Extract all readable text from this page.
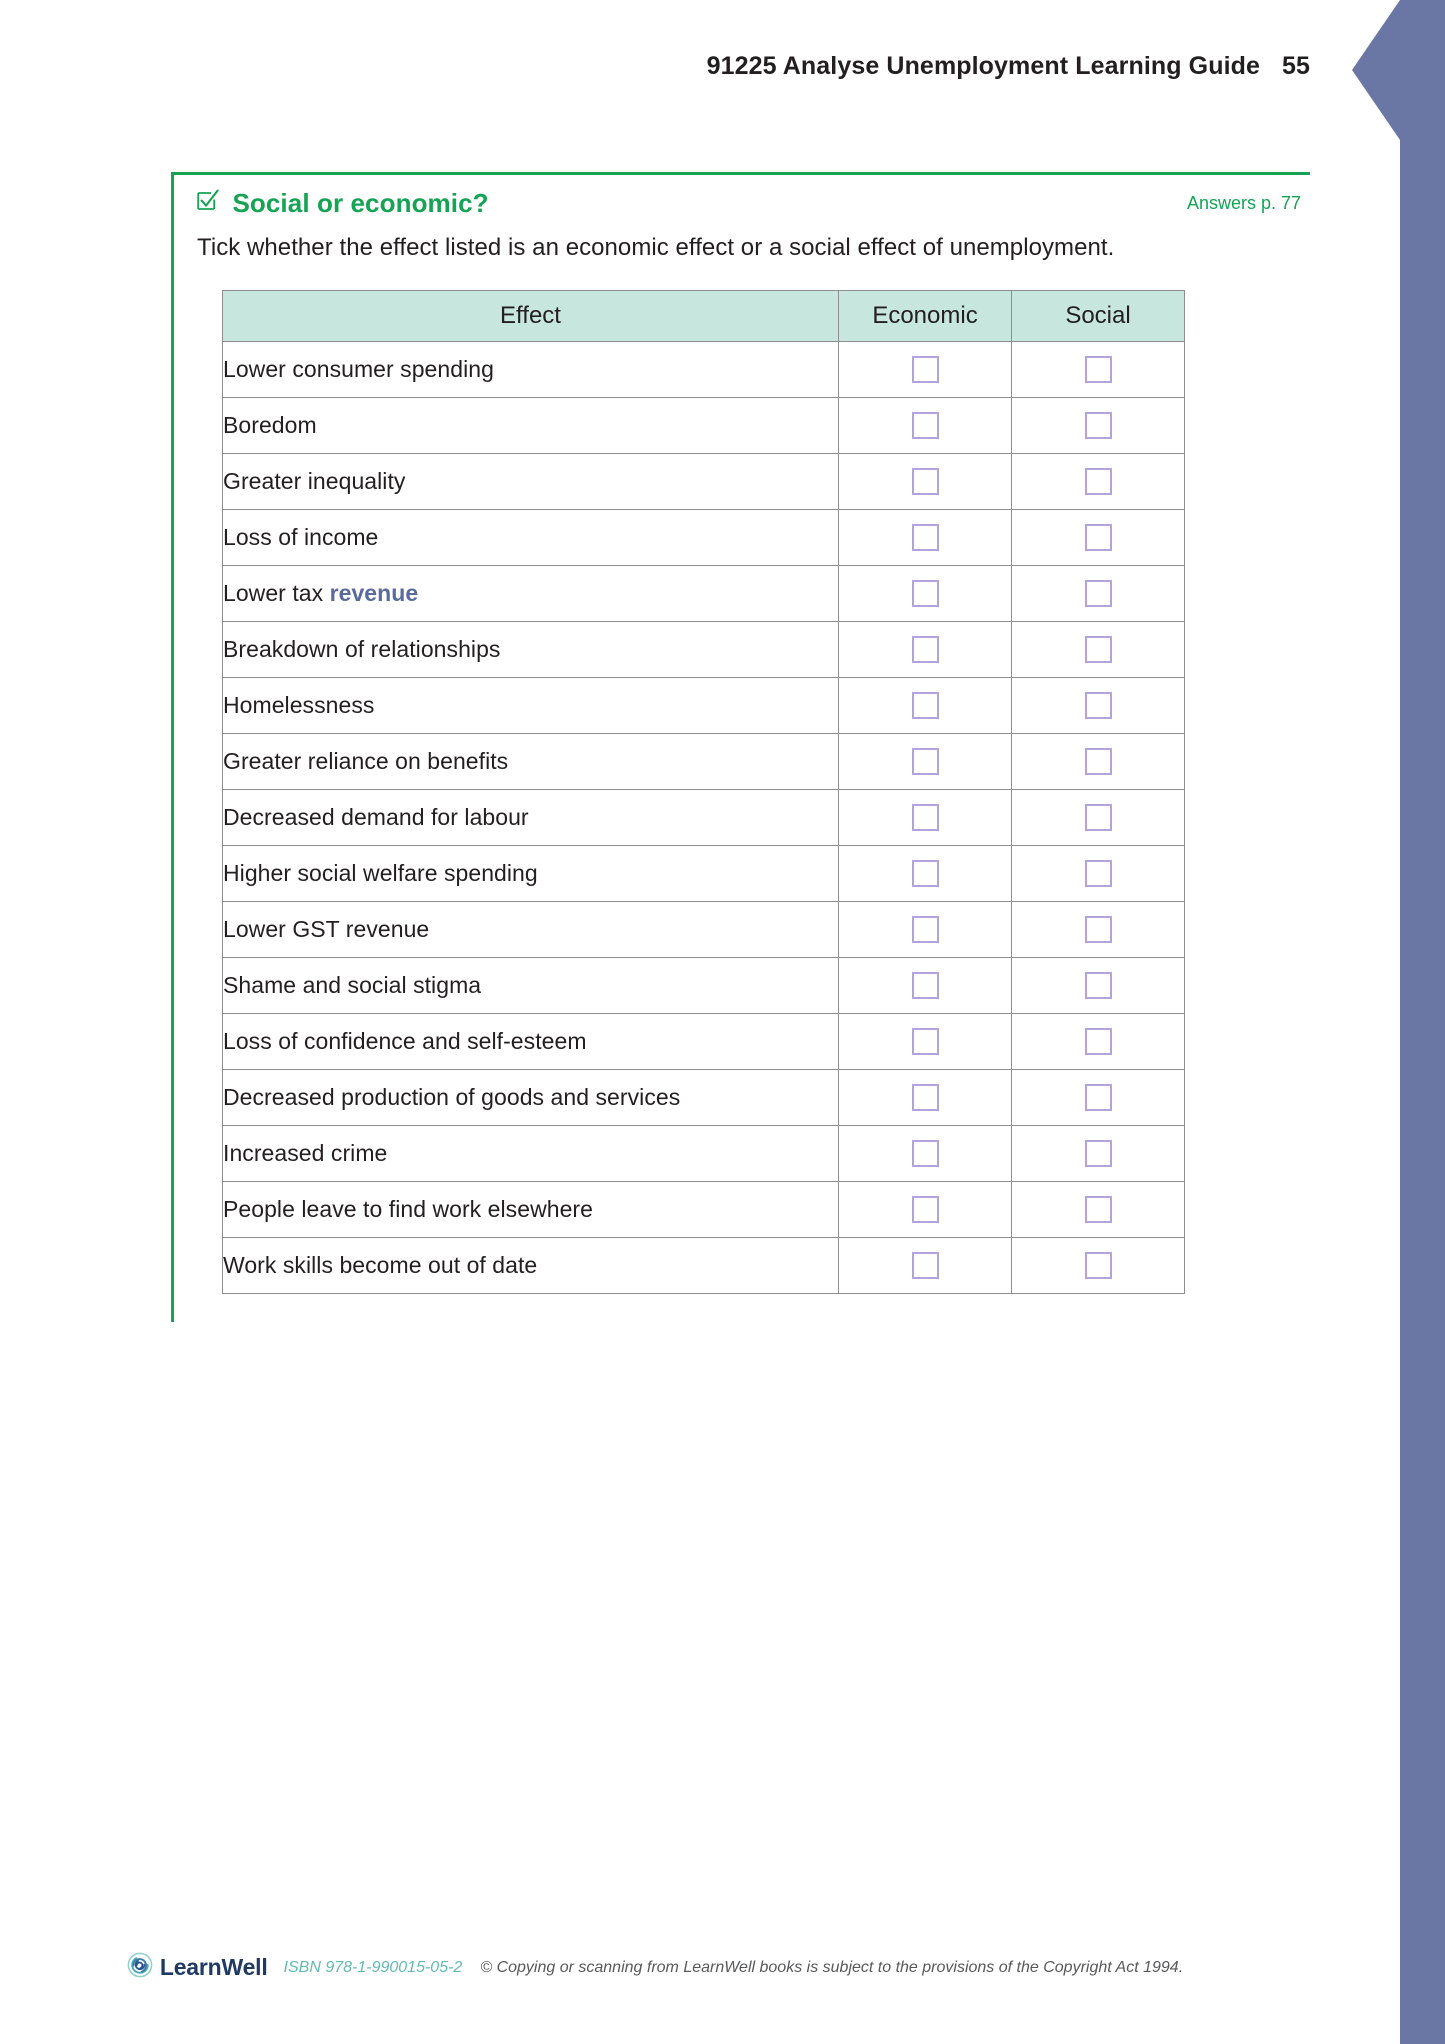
91225 Analyse Unemployment Learning Guide 55
Social or economic?	Answers p. 77
Tick whether the effect listed is an economic effect or a social effect of unemployment.
Effect	Economic	Social
Lower consumer spending		
Boredom		
Greater inequality		
Loss of income		
Lower tax revenue		
Breakdown of relationships		
Homelessness		
Greater reliance on benefits		
Decreased demand for labour		
Higher social welfare spending		
Lower GST revenue		
Shame and social stigma		
Loss of confidence and self-esteem		
Decreased production of goods and services		
Increased crime		
People leave to find work elsewhere		
Work skills become out of date		
LearnWell ISBN 978-1-990015-05-2 © Copying or scanning from LearnWell books is subject to the provisions of the Copyright Act 1994.
